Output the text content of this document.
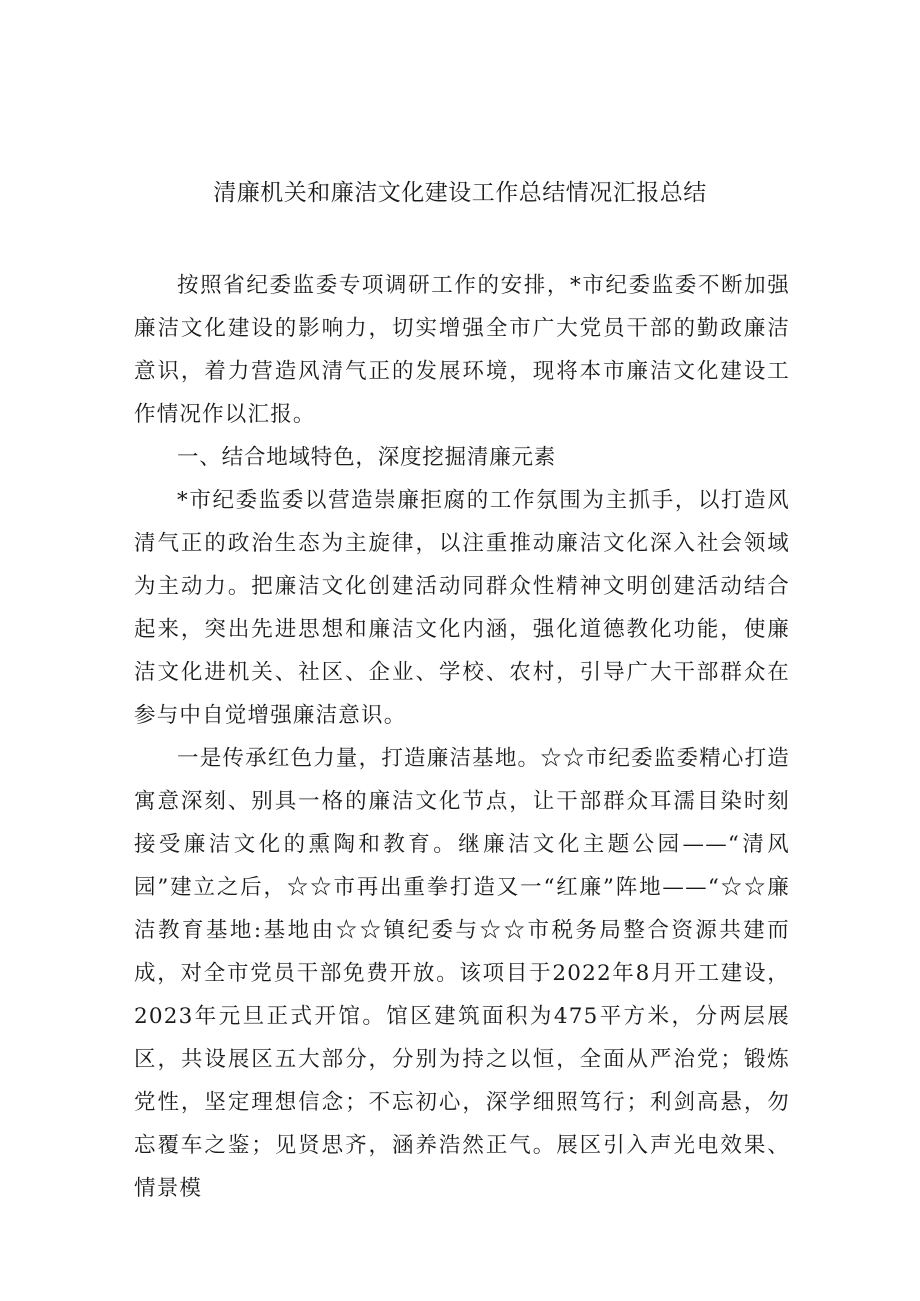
清廉机关和廉洁文化建设工作总结情况汇报总结

按照省纪委监委专项调研工作的安排，*市纪委监委不断加强廉洁文化建设的影响力，切实增强全市广大党员干部的勤政廉洁意识，着力营造风清气正的发展环境，现将本市廉洁文化建设工作情况作以汇报。

一、结合地域特色，深度挖掘清廉元素

*市纪委监委以营造崇廉拒腐的工作氛围为主抓手，以打造风清气正的政治生态为主旋律，以注重推动廉洁文化深入社会领域为主动力。把廉洁文化创建活动同群众性精神文明创建活动结合起来，突出先进思想和廉洁文化内涵，强化道德教化功能，使廉洁文化进机关、社区、企业、学校、农村，引导广大干部群众在参与中自觉增强廉洁意识。

一是传承红色力量，打造廉洁基地。☆☆市纪委监委精心打造寓意深刻、别具一格的廉洁文化节点，让干部群众耳濡目染时刻接受廉洁文化的熏陶和教育。继廉洁文化主题公园——“清风园”建立之后，☆☆市再出重拳打造又一“红廉”阵地——“☆☆廉洁教育基地:基地由☆☆镇纪委与☆☆市税务局整合资源共建而成，对全市党员干部免费开放。该项目于2022年8月开工建设，2023年元旦正式开馆。馆区建筑面积为475平方米，分两层展区，共设展区五大部分，分别为持之以恒，全面从严治党；锻炼党性，坚定理想信念；不忘初心，深学细照笃行；利剑高悬，勿忘覆车之鉴；见贤思齐，涵养浩然正气。展区引入声光电效果、情景模
